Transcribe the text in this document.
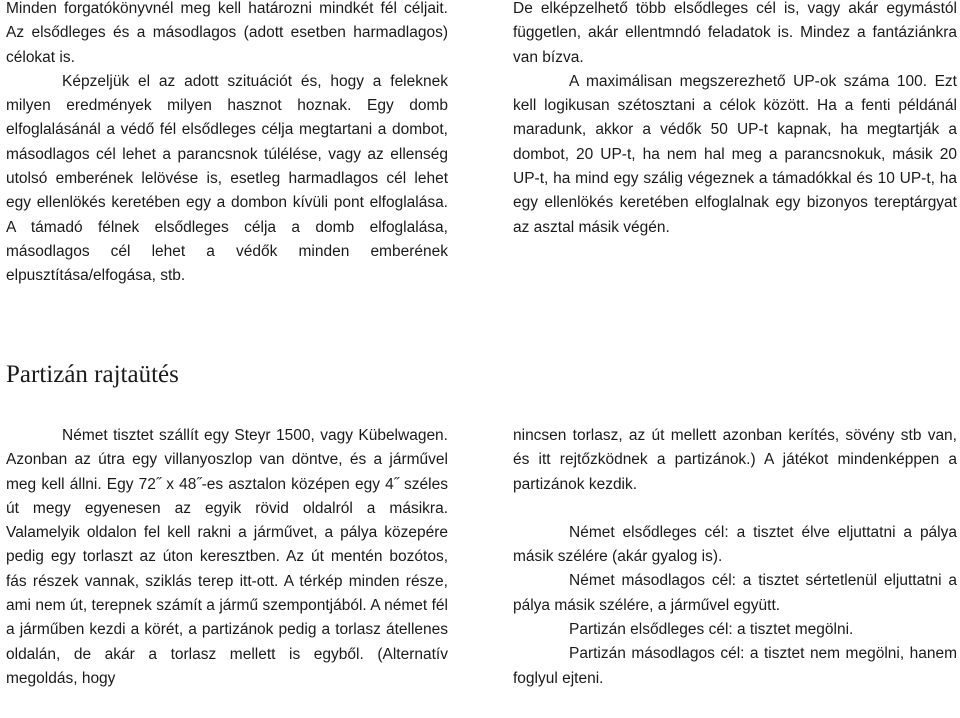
Minden forgatókönyvnél meg kell határozni mindkét fél céljait. Az elsődleges és a másodlagos (adott esetben harmadlagos) célokat is.

Képzeljük el az adott szituációt és, hogy a feleknek milyen eredmények milyen hasznot hoznak. Egy domb elfoglalásánál a védő fél elsődleges célja megtartani a dombot, másodlagos cél lehet a parancsnok túlélése, vagy az ellenség utolsó emberének lelövése is, esetleg harmadlagos cél lehet egy ellenlökés keretében egy a dombon kívüli pont elfoglalása. A támadó félnek elsődleges célja a domb elfoglalása, másodlagos cél lehet a védők minden emberének elpusztítása/elfogása, stb.

De elképzelhető több elsődleges cél is, vagy akár egymástól független, akár ellentmndó feladatok is. Mindez a fantáziánkra van bízva.

A maximálisan megszerezhető UP-ok száma 100. Ezt kell logikusan szétosztani a célok között. Ha a fenti példánál maradunk, akkor a védők 50 UP-t kapnak, ha megtartják a dombot, 20 UP-t, ha nem hal meg a parancsnokuk, másik 20 UP-t, ha mind egy szálig végeznek a támadókkal és 10 UP-t, ha egy ellenlökés keretében elfoglalnak egy bizonyos tereptárgyat az asztal másik végén.

Partizán rajtaütés

Német tisztet szállít egy Steyr 1500, vagy Kübelwagen. Azonban az útra egy villanyoszlop van döntve, és a járművel meg kell állni. Egy 72˝ x 48˝-es asztalon középen egy 4˝ széles út megy egyenesen az egyik rövid oldalról a másikra. Valamelyik oldalon fel kell rakni a járművet, a pálya közepére pedig egy torlaszt az úton keresztben. Az út mentén bozótos, fás részek vannak, sziklás terep itt-ott. A térkép minden része, ami nem út, terepnek számít a jármű szempontjából. A német fél a járműben kezdi a körét, a partizánok pedig a torlasz átellenes oldalán, de akár a torlasz mellett is egyből. (Alternatív megoldás, hogy

nincsen torlasz, az út mellett azonban kerítés, sövény stb van, és itt rejtőzködnek a partizánok.) A játékot mindenképpen a partizánok kezdik.

Német elsődleges cél: a tisztet élve eljuttatni a pálya másik szélére (akár gyalog is).

Német másodlagos cél: a tisztet sértetlenül eljuttatni a pálya másik szélére, a járművel együtt.

Partizán elsődleges cél: a tisztet megölni.

Partizán másodlagos cél: a tisztet nem megölni, hanem foglyul ejteni.
